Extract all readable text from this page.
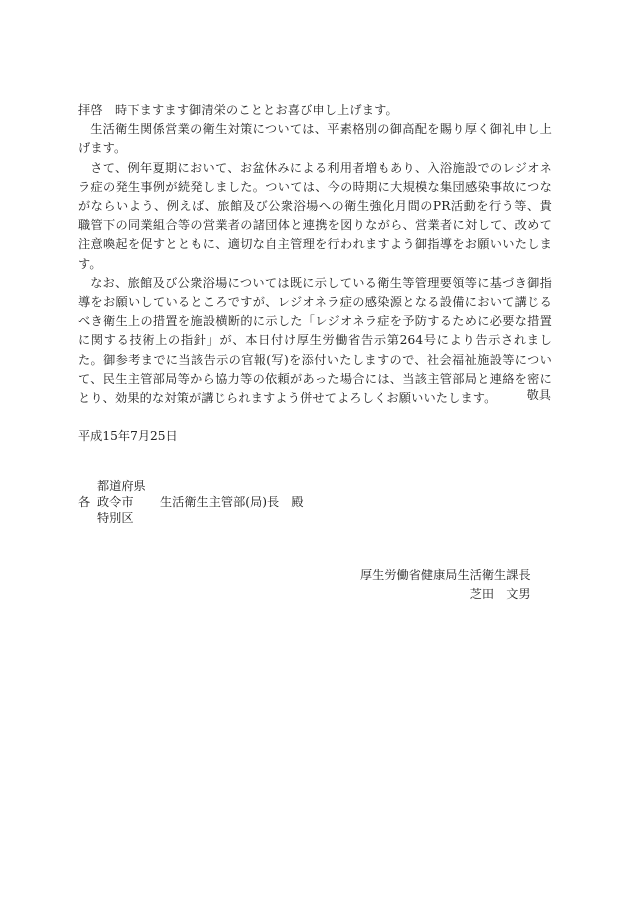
拝啓　時下ますます御清栄のこととお喜び申し上げます。

生活衛生関係営業の衛生対策については、平素格別の御高配を賜り厚く御礼申し上げます。

さて、例年夏期において、お盆休みによる利用者増もあり、入浴施設でのレジオネラ症の発生事例が続発しました。ついては、今の時期に大規模な集団感染事故につながならいよう、例えば、旅館及び公衆浴場への衛生強化月間のPR活動を行う等、貴職管下の同業組合等の営業者の諸団体と連携を図りながら、営業者に対して、改めて注意喚起を促すとともに、適切な自主管理を行われますよう御指導をお願いいたします。

なお、旅館及び公衆浴場については既に示している衛生等管理要領等に基づき御指導をお願いしているところですが、レジオネラ症の感染源となる設備において講じるべき衛生上の措置を施設横断的に示した「レジオネラ症を予防するために必要な措置に関する技術上の指針」が、本日付け厚生労働省告示第264号により告示されました。御参考までに当該告示の官報(写)を添付いたしますので、社会福祉施設等について、民生主管部局等から協力等の依頼があった場合には、当該主管部局と連絡を密にとり、効果的な対策が講じられますよう併せてよろしくお願いいたします。	敬具
平成15年7月25日
各
都道府県
政令市
特別区
生活衛生主管部(局)長　殿
厚生労働省健康局生活衛生課長
芝田　文男
